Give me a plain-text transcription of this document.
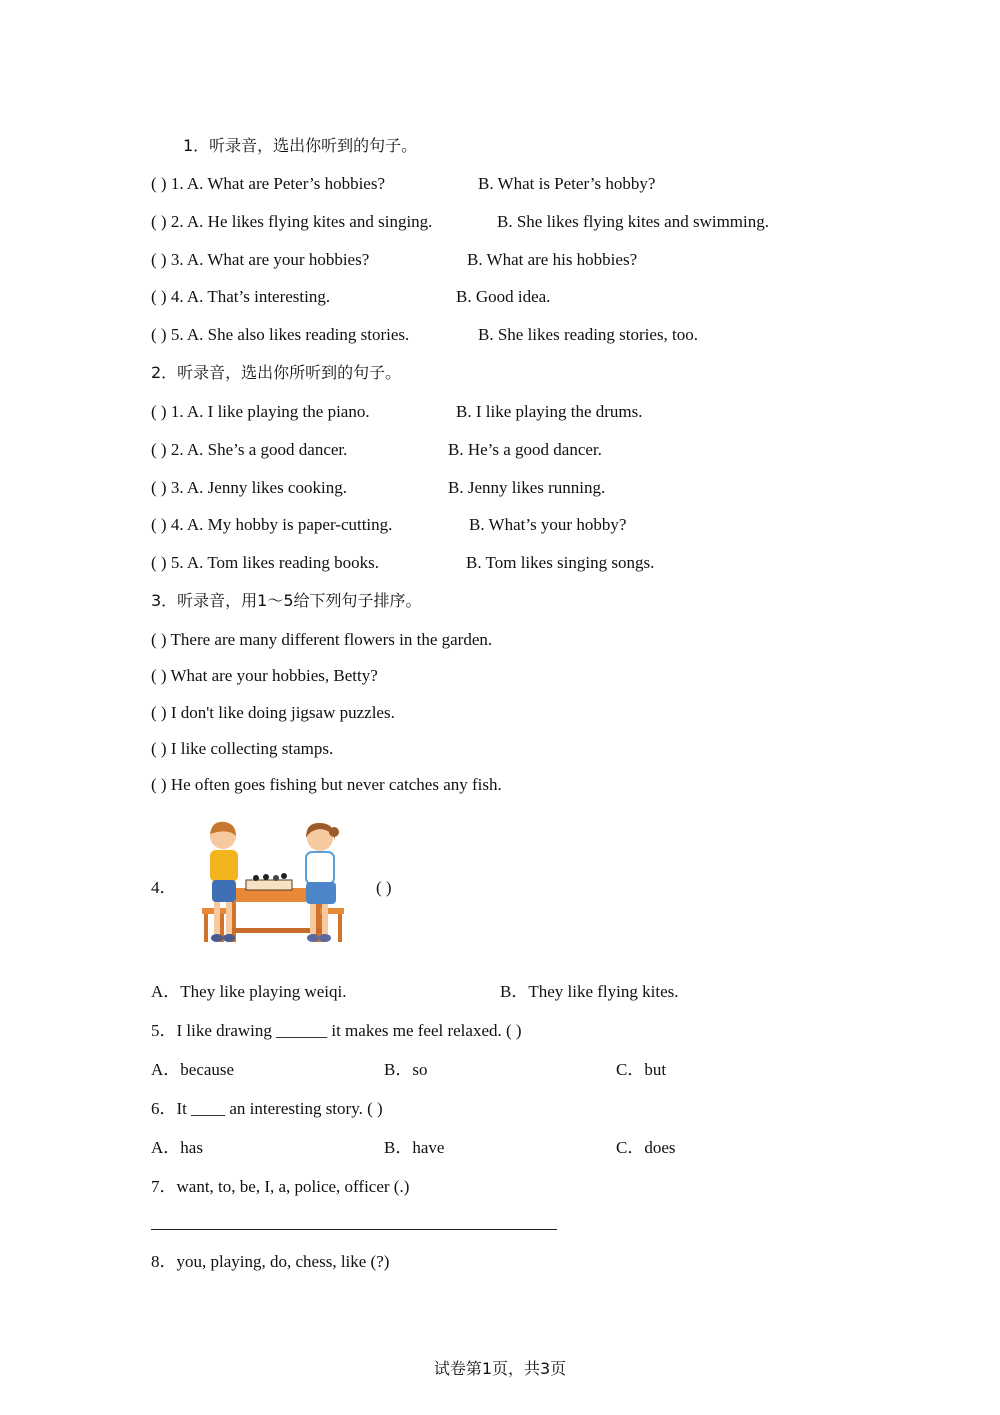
1．听录音，选出你听到的句子。
( ) 1. A. What are Peter’s hobbies?	B. What is Peter’s hobby?
( ) 2. A. He likes flying kites and singing.	B. She likes flying kites and swimming.
( ) 3. A. What are your hobbies?	B. What are his hobbies?
( ) 4. A. That’s interesting.	B. Good idea.
( ) 5. A. She also likes reading stories.	B. She likes reading stories, too.
2．听录音，选出你所听到的句子。
( ) 1. A. I like playing the piano.	B. I like playing the drums.
( ) 2. A. She’s a good dancer.	B. He’s a good dancer.
( ) 3. A. Jenny likes cooking.	B. Jenny likes running.
( ) 4. A. My hobby is paper-cutting.	B. What’s your hobby?
( ) 5. A. Tom likes reading books.	B. Tom likes singing songs.
3．听录音，用1～5给下列句子排序。
( ) There are many different flowers in the garden.
( ) What are your hobbies, Betty?
( ) I don't like doing jigsaw puzzles.
( ) I like collecting stamps.
( ) He often goes fishing but never catches any fish.
4．	( )
A．They like playing weiqi.	B．They like flying kites.
5．I like drawing ______ it makes me feel relaxed. ( )
A．because	B．so	C．but
6．It ____ an interesting story. ( )
A．has	B．have	C．does
7．want, to, be, I, a, police, officer (.)
8．you, playing, do, chess, like (?)
试卷第1页，共3页
